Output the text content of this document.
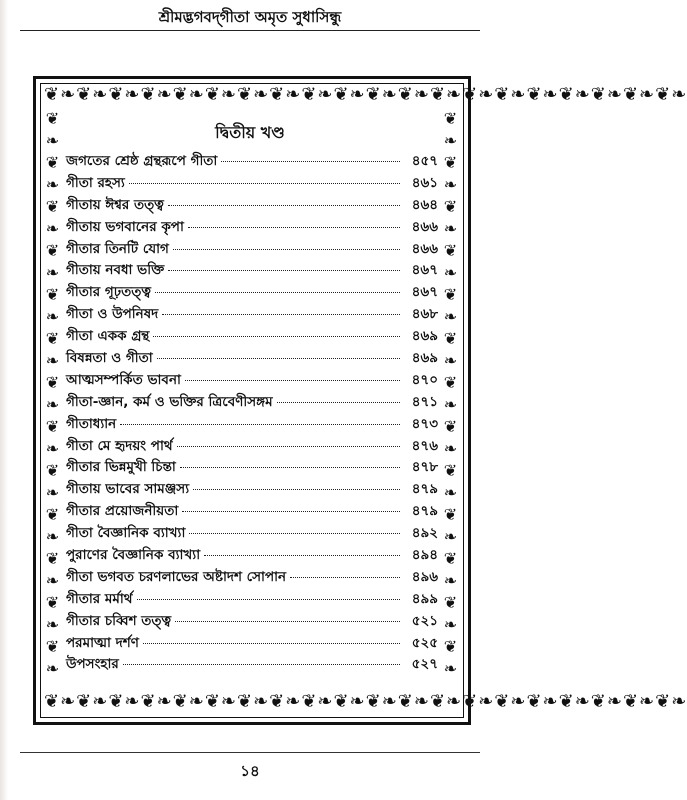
শ্রীমদ্ভগবদ্‌গীতা অমৃত সুধাসিন্ধু
❦❧❦❧❦❧❦❧❦❧❦❧❦❧❦❧❦❧❦❧❦❧❦❧❦❧❦❧❦❧❦❧❦❧❦❧❦❧❦❧
❦❧❦❧❦❧❦❧❦❧❦❧❦❧❦❧❦❧❦❧❦❧❦❧❦❧❦❧❦❧❦❧❦❧❦❧❦❧❦❧
❦
❧
❦
❧
❦
❧
❦
❧
❦
❧
❦
❧
❦
❧
❦
❧
❦
❧
❦
❧
❦
❧
❦
❧
❦
❧
❦
❧
❦
❧
❦
❧
❦
❧
❦
❧
❦
❧
❦
❧
❦
❧
❦
❧
❦
❧
❦
❧
❦
❧
❦
❧
দ্বিতীয় খণ্ড
জগতের শ্রেষ্ঠ গ্রন্থরূপে গীতা	৪৫৭
গীতা রহস্য	৪৬১
গীতায় ঈশ্বর তত্ত্ব	৪৬৪
গীতায় ভগবানের কৃপা	৪৬৬
গীতার তিনটি যোগ	৪৬৬
গীতায় নবধা ভক্তি	৪৬৭
গীতার গূঢ়তত্ত্ব	৪৬৭
গীতা ও উপনিষদ	৪৬৮
গীতা একক গ্রন্থ	৪৬৯
বিষন্নতা ও গীতা	৪৬৯
আত্মসম্পর্কিত ভাবনা	৪৭০
গীতা-জ্ঞান, কর্ম ও ভক্তির ত্রিবেণীসঙ্গম	৪৭১
গীতাধ্যান	৪৭৩
গীতা মে হৃদয়ং পার্থ	৪৭৬
গীতার ভিন্নমুখী চিন্তা	৪৭৮
গীতায় ভাবের সামঞ্জস্য	৪৭৯
গীতার প্রয়োজনীয়তা	৪৭৯
গীতা বৈজ্ঞানিক ব্যাখ্যা	৪৯২
পুরাণের বৈজ্ঞানিক ব্যাখ্যা	৪৯৪
গীতা ভগবত চরণলাভের অষ্টাদশ সোপান	৪৯৬
গীতার মর্মার্থ	৪৯৯
গীতার চব্বিশ তত্ত্ব	৫২১
পরমাত্মা দর্শণ	৫২৫
উপসংহার	৫২৭
১৪
